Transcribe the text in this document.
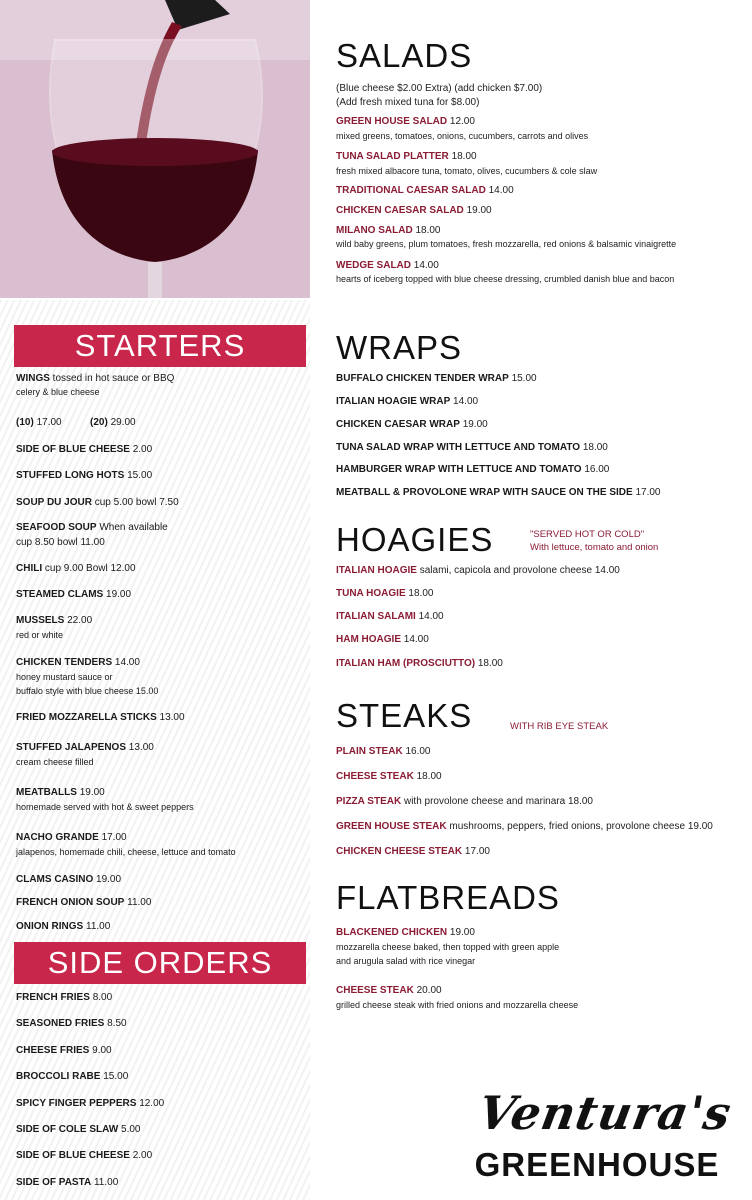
SALADS
(Blue cheese $2.00 Extra) (add chicken $7.00)
(Add fresh mixed tuna for $8.00)
GREEN HOUSE SALAD 12.00
mixed greens, tomatoes, onions, cucumbers, carrots and olives
TUNA SALAD PLATTER 18.00
fresh mixed albacore tuna, tomato, olives, cucumbers & cole slaw
TRADITIONAL CAESAR SALAD 14.00
CHICKEN CAESAR SALAD 19.00
MILANO SALAD 18.00
wild baby greens, plum tomatoes, fresh mozzarella, red onions & balsamic vinaigrette
WEDGE SALAD 14.00
hearts of iceberg topped with blue cheese dressing, crumbled danish blue and bacon
WRAPS
BUFFALO CHICKEN TENDER WRAP 15.00
ITALIAN HOAGIE WRAP 14.00
CHICKEN CAESAR WRAP 19.00
TUNA SALAD WRAP WITH LETTUCE AND TOMATO 18.00
HAMBURGER WRAP WITH LETTUCE AND TOMATO 16.00
MEATBALL & PROVOLONE WRAP WITH SAUCE ON THE SIDE 17.00
HOAGIES	"SERVED HOT OR COLD"
With lettuce, tomato and onion
ITALIAN HOAGIE salami, capicola and provolone cheese 14.00
TUNA HOAGIE 18.00
ITALIAN SALAMI 14.00
HAM HOAGIE 14.00
ITALIAN HAM (PROSCIUTTO) 18.00
STEAKS	WITH RIB EYE STEAK
PLAIN STEAK 16.00
CHEESE STEAK 18.00
PIZZA STEAK with provolone cheese and marinara 18.00
GREEN HOUSE STEAK mushrooms, peppers, fried onions, provolone cheese 19.00
CHICKEN CHEESE STEAK 17.00
FLATBREADS
BLACKENED CHICKEN 19.00
mozzarella cheese baked, then topped with green apple
and arugula salad with rice vinegar
CHEESE STEAK 20.00
grilled cheese steak with fried onions and mozzarella cheese
STARTERS
WINGS tossed in hot sauce or BBQ
celery & blue cheese
(10) 17.00	(20) 29.00
SIDE OF BLUE CHEESE 2.00
STUFFED LONG HOTS 15.00
SOUP DU JOUR cup 5.00 bowl 7.50
SEAFOOD SOUP When available
cup 8.50 bowl 11.00
CHILI cup 9.00 Bowl 12.00
STEAMED CLAMS 19.00
MUSSELS 22.00
red or white
CHICKEN TENDERS 14.00
honey mustard sauce or
buffalo style with blue cheese 15.00
FRIED MOZZARELLA STICKS 13.00
STUFFED JALAPENOS 13.00
cream cheese filled
MEATBALLS 19.00
homemade served with hot & sweet peppers
NACHO GRANDE 17.00
jalapenos, homemade chili, cheese, lettuce and tomato
CLAMS CASINO 19.00
FRENCH ONION SOUP 11.00
ONION RINGS 11.00
SIDE ORDERS
FRENCH FRIES 8.00
SEASONED FRIES 8.50
CHEESE FRIES 9.00
BROCCOLI RABE 15.00
SPICY FINGER PEPPERS 12.00
SIDE OF COLE SLAW 5.00
SIDE OF BLUE CHEESE 2.00
SIDE OF PASTA 11.00
Ventura's
GREENHOUSE
